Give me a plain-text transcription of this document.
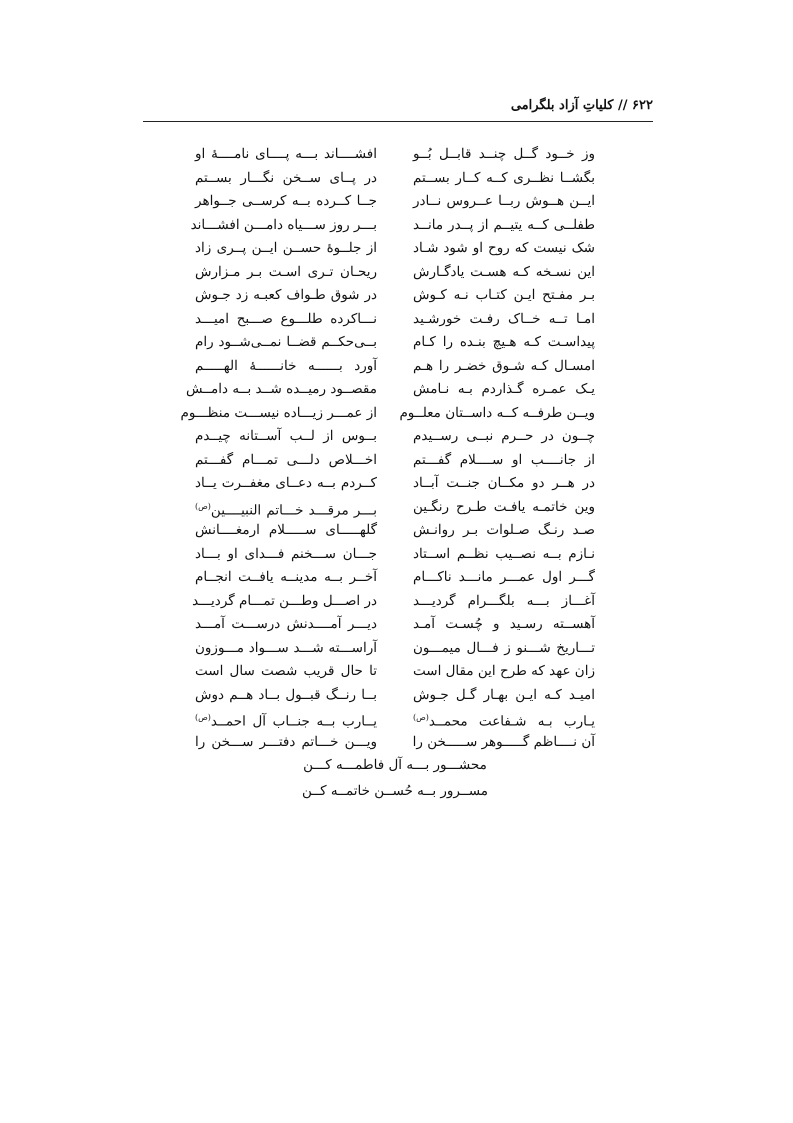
۶۲۲ // کلیاتِ آزاد بلگرامی
وز خــود گــل چنــد قابــل بُــو
افشــــاند بـــه پــــای نامــــهٔ او
بگشــا نظــری کــه کــار بســتم
در پــای ســخن نگـــار بســتم
ایــن هــوش ربــا عــروس نــادر
جــا کــرده بــه کرســی جــواهر
طفلــی کــه یتیــم از پــدر مانــد
بـــر روز ســـیاه دامـــن افشـــاند
شک نیست که روح او شود شـاد
از جلــوهٔ حســن ایــن پــری زاد
این نسـخه کـه هسـت یادگـارش
ریحـان تـری اسـت بـر مـزارش
بـر مفـتح ایـن کتـاب نـه کـوش
در شوق طـواف کعبـه زد جـوش
امـا تــه خــاک رفـت خورشـید
نـــاکرده طلـــوع صـــبح امیـــد
پیداسـت کـه هـیچ بنـده را کـام
بــی‌حکــم قضــا نمــی‌شــود رام
امسـال کـه شـوق خضـر را هـم
آورد بــــــه خانــــــهٔ الهـــــم
یـک عمـره گـذاردم بـه نـامش
مقصــود رمیــده شــد بــه دامــش
ویــن طرفــه کــه داســتان معلــوم
از عمـــر زیـــاده نیســـت منظـــوم
چــون در حــرم نبــی رســیدم
بــوس از لــب آســتانه چیــدم
از جانــــب او ســــلام گفـــتم
اخـــلاص دلـــی تمـــام گفـــتم
در هــر دو مکــان جنــت آبــاد
کــردم بــه دعــای مغفــرت یــاد
وین خاتمـه یافـت طـرح رنگـین
بـــر مرقـــد خـــاتم النبیــــین$^{(ص)}$
صـد رنـگ صـلوات بـر روانـش
گلهـــــای ســـــلام ارمغــــانش
نـازم بــه نصــیب نظــم اســتاد
جـــان ســـخنم فـــدای او بـــاد
گـــر اول عمـــر مانـــد ناکـــام
آخــر بــه مدینــه یافــت انجــام
آغـــاز بـــه بلگـــرام گردیـــد
در اصـــل وطـــن تمـــام گردیـــد
آهســته رسـید و چُسـت آمـد
دیـــر آمــــدنش درســـت آمـــد
تـــاریخ شـــنو ز فـــال میمـــون
آراســـته شـــد ســـواد مـــوزون
زان عهد که طرح این مقال است
تا حال قریب شصت سال است
امیـد کـه ایـن بهـار گـل جـوش
بــا رنــگ قبــول بــاد هــم دوش
یـارب بـه شـفاعت محمــد$^{(ص)}$
یــارب بــه جنــاب آل احمــد$^{(ص)}$
آن نــــاظم گـــــوهر ســـــخن را
ویـــن خـــاتم دفتـــر ســـخن را
محشـــور بـــه آل فاطمـــه کـــن
مســرور بــه حُســن خاتمــه کــن
